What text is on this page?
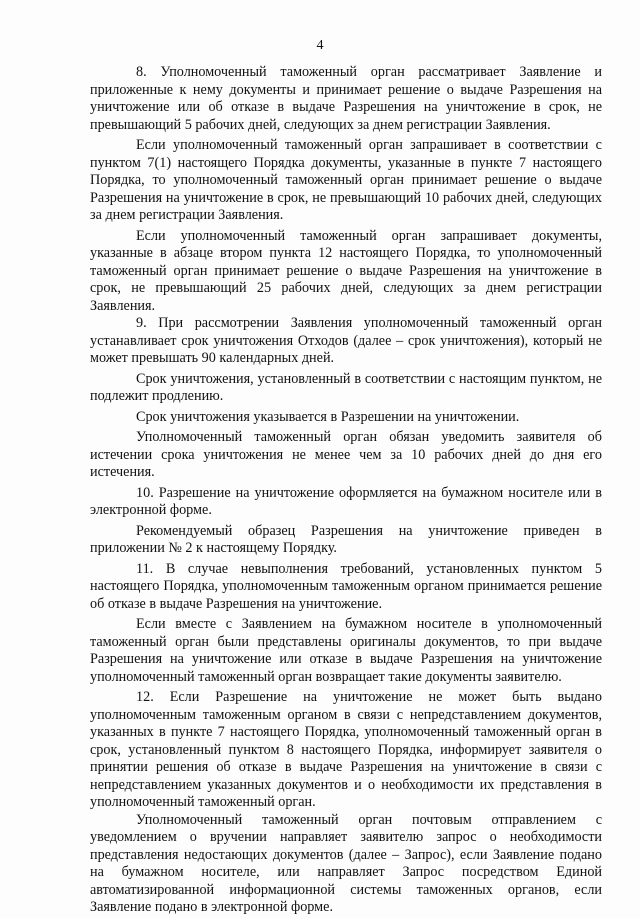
4

8. Уполномоченный таможенный орган рассматривает Заявление и приложенные к нему документы и принимает решение о выдаче Разрешения на уничтожение или об отказе в выдаче Разрешения на уничтожение в срок, не превышающий 5 рабочих дней, следующих за днем регистрации Заявления.

Если уполномоченный таможенный орган запрашивает в соответствии с пунктом 7(1) настоящего Порядка документы, указанные в пункте 7 настоящего Порядка, то уполномоченный таможенный орган принимает решение о выдаче Разрешения на уничтожение в срок, не превышающий 10 рабочих дней, следующих за днем регистрации Заявления.

Если уполномоченный таможенный орган запрашивает документы, указанные в абзаце втором пункта 12 настоящего Порядка, то уполномоченный таможенный орган принимает решение о выдаче Разрешения на уничтожение в срок, не превышающий 25 рабочих дней, следующих за днем регистрации Заявления.

9. При рассмотрении Заявления уполномоченный таможенный орган устанавливает срок уничтожения Отходов (далее – срок уничтожения), который не может превышать 90 календарных дней.

Срок уничтожения, установленный в соответствии с настоящим пунктом, не подлежит продлению.

Срок уничтожения указывается в Разрешении на уничтожении.

Уполномоченный таможенный орган обязан уведомить заявителя об истечении срока уничтожения не менее чем за 10 рабочих дней до дня его истечения.

10. Разрешение на уничтожение оформляется на бумажном носителе или в электронной форме.

Рекомендуемый образец Разрешения на уничтожение приведен в приложении № 2 к настоящему Порядку.

11. В случае невыполнения требований, установленных пунктом 5 настоящего Порядка, уполномоченным таможенным органом принимается решение об отказе в выдаче Разрешения на уничтожение.

Если вместе с Заявлением на бумажном носителе в уполномоченный таможенный орган были представлены оригиналы документов, то при выдаче Разрешения на уничтожение или отказе в выдаче Разрешения на уничтожение уполномоченный таможенный орган возвращает такие документы заявителю.

12. Если Разрешение на уничтожение не может быть выдано уполномоченным таможенным органом в связи с непредставлением документов, указанных в пункте 7 настоящего Порядка, уполномоченный таможенный орган в срок, установленный пунктом 8 настоящего Порядка, информирует заявителя о принятии решения об отказе в выдаче Разрешения на уничтожение в связи с непредставлением указанных документов и о необходимости их представления в уполномоченный таможенный орган.

Уполномоченный таможенный орган почтовым отправлением с уведомлением о вручении направляет заявителю запрос о необходимости представления недостающих документов (далее – Запрос), если Заявление подано на бумажном носителе, или направляет Запрос посредством Единой автоматизированной информационной системы таможенных органов, если Заявление подано в электронной форме.
